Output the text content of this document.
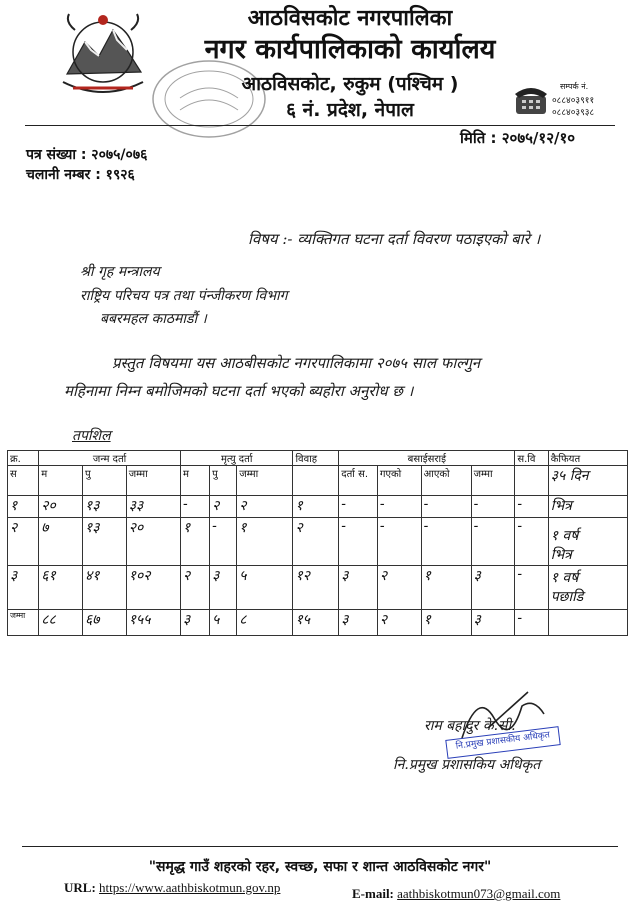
आठविसकोट नगरपालिका
नगर कार्यपालिकाको कार्यालय
आठविसकोट, रुकुम (पश्चिम )
६ नं. प्रदेश, नेपाल
सम्पर्क नं.
०८८४०३९११
०८८४०३९३८
मिति : २०७५/१२/१०
पत्र संख्या : २०७५/०७६
चलानी नम्बर : १९२६
विषय :- व्यक्तिगत घटना दर्ता विवरण पठाइएको बारे ।
श्री गृह मन्त्रालय
राष्ट्रिय परिचय पत्र तथा पंन्जीकरण विभाग
बबरमहल काठमाडौं ।
प्रस्तुत विषयमा यस आठबीसकोट नगरपालिकामा २०७५ साल फाल्गुन
महिनामा निम्न बमोजिमको घटना दर्ता भएको ब्यहोरा अनुरोध छ ।
तपशिल
क्र.	जन्म दर्ता			मृत्यु दर्ता			विवाह	बसाईसराई				स.वि	कैफियत
स	म	पु	जम्मा	म	पु	जम्मा		दर्ता स.	गएको	आएको	जम्मा		३५ दिन
१	२०	१३	३३	-	२	२	१	-	-	-	-	-	भित्र
२	७	१३	२०	१	-	१	२	-	-	-	-	-	१ वर्ष
भित्र

३	६१	४१	१०२	२	३	५	१२	३	२	१	३	-	१ वर्ष
पछाडि

जम्मा	८८	६७	१५५	३	५	८	१५	३	२	१	३	-	
राम बहादुर के.सी.
नि.प्रमुख प्रशासकीय अधिकृत
नि.प्रमुख प्रशासकिय अधिकृत
"समृद्ध गाउँ शहरको रहर, स्वच्छ, सफा र शान्त आठविसकोट नगर"
URL: https://www.aathbiskotmun.gov.np	E-mail: aathbiskotmun073@gmail.com
